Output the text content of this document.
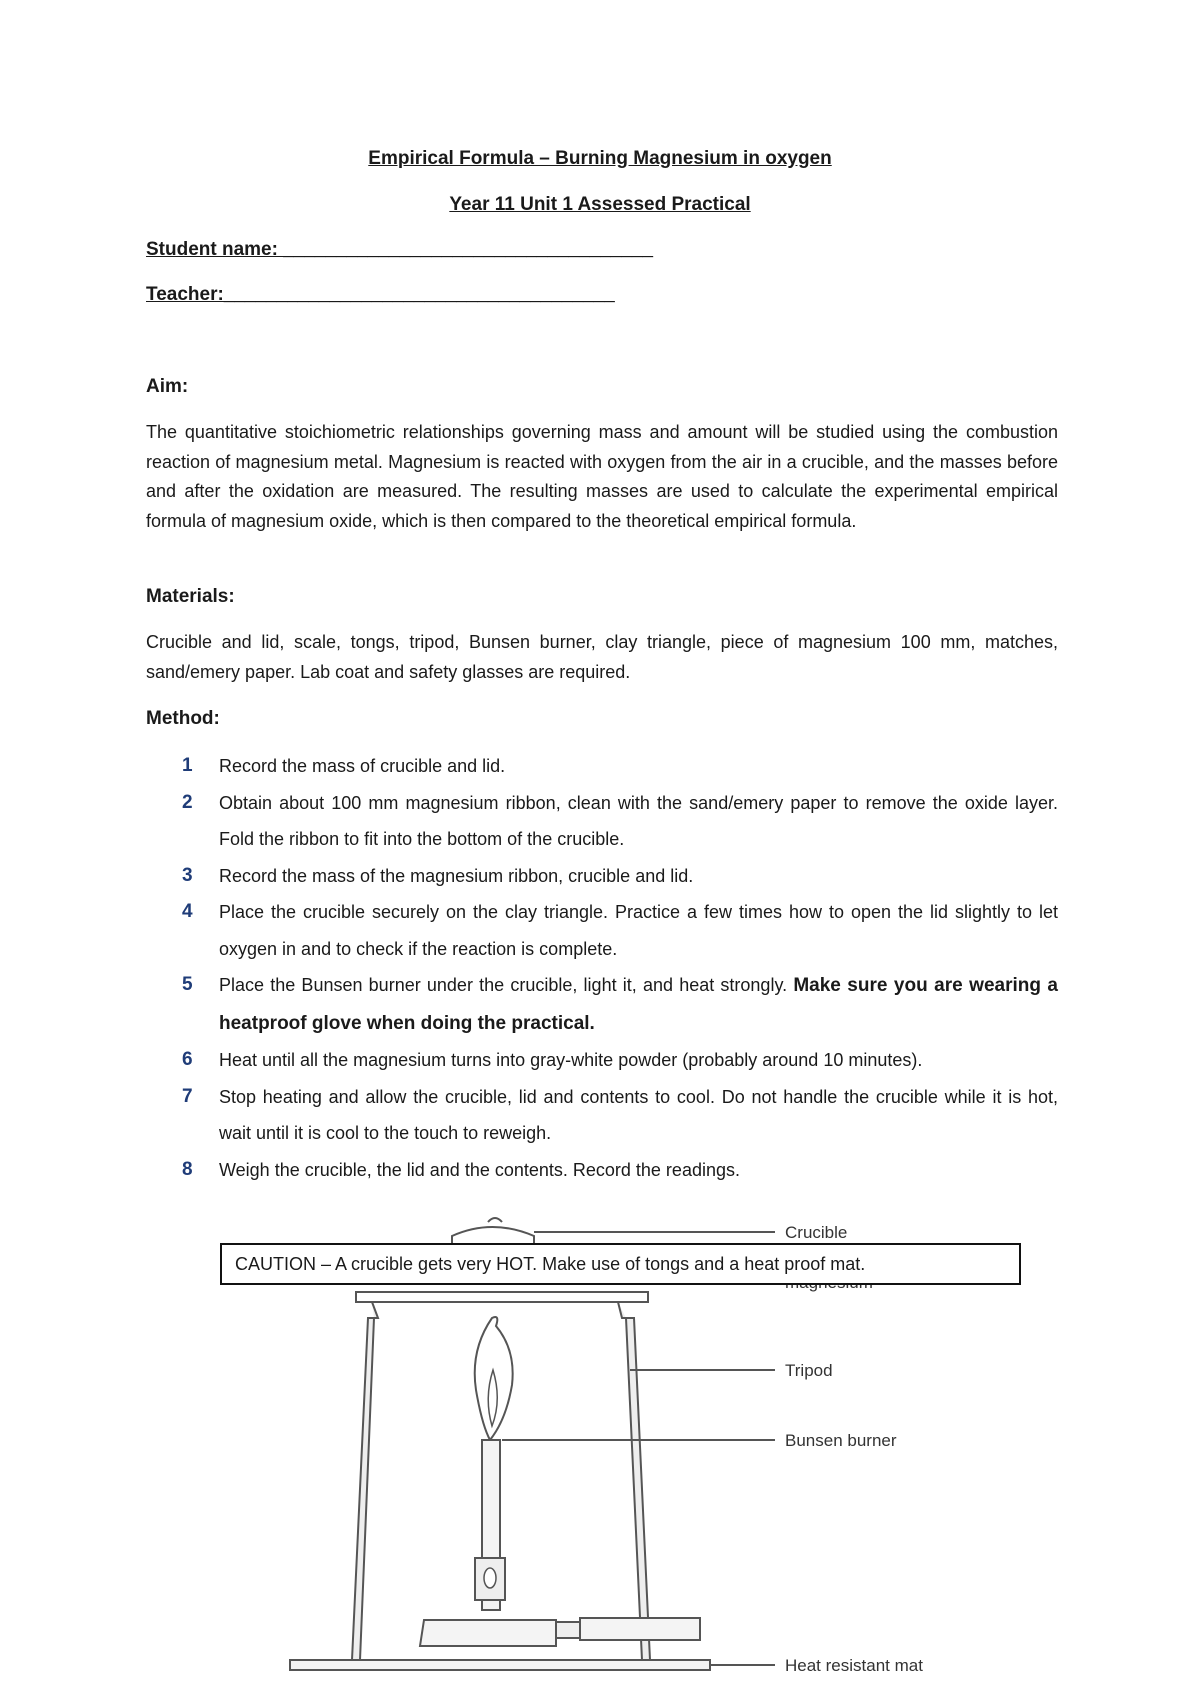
Empirical Formula – Burning Magnesium in oxygen
Year 11 Unit 1 Assessed Practical
Student name: ___________________________________
Teacher:_____________________________________
Aim:
The quantitative stoichiometric relationships governing mass and amount will be studied using the combustion reaction of magnesium metal. Magnesium is reacted with oxygen from the air in a crucible, and the masses before and after the oxidation are measured. The resulting masses are used to calculate the experimental empirical formula of magnesium oxide, which is then compared to the theoretical empirical formula.
Materials:
Crucible and lid, scale, tongs, tripod, Bunsen burner, clay triangle, piece of magnesium 100 mm, matches, sand/emery paper. Lab coat and safety glasses are required.
Method:
1	Record the mass of crucible and lid.
2	Obtain about 100 mm magnesium ribbon, clean with the sand/emery paper to remove the oxide layer. Fold the ribbon to fit into the bottom of the crucible.
3	Record the mass of the magnesium ribbon, crucible and lid.
4	Place the crucible securely on the clay triangle. Practice a few times how to open the lid slightly to let oxygen in and to check if the reaction is complete.
5	Place the Bunsen burner under the crucible, light it, and heat strongly. Make sure you are wearing a heatproof glove when doing the practical.
6	Heat until all the magnesium turns into gray-white powder (probably around 10 minutes).
7	Stop heating and allow the crucible, lid and contents to cool. Do not handle the crucible while it is hot, wait until it is cool to the touch to reweigh.
8	Weigh the crucible, the lid and the contents. Record the readings.
Crucible
Tripod
Bunsen burner
Heat resistant mat
CAUTION – A crucible gets very HOT. Make use of tongs and a heat proof mat.
